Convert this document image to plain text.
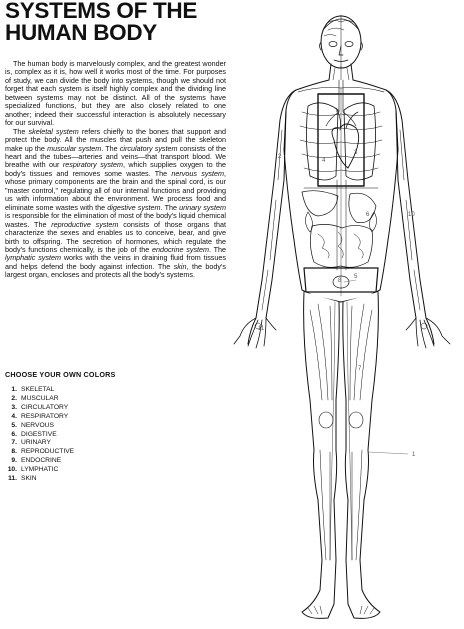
SYSTEMS OF THE
HUMAN BODY

The human body is marvelously complex, and the greatest wonder is, complex as it is, how well it works most of the time. For purposes of study, we can divide the body into systems, though we should not forget that each system is itself highly complex and the dividing line between systems may not be distinct. All of the systems have specialized functions, but they are also closely related to one another; indeed their successful interaction is absolutely necessary for our survival.

The skeletal system refers chiefly to the bones that support and protect the body. All the muscles that push and pull the skeleton make up the muscular system. The circulatory system consists of the heart and the tubes—arteries and veins—that transport blood. We breathe with our respiratory system, which supplies oxygen to the body's tissues and removes some wastes. The nervous system, whose primary components are the brain and the spinal cord, is our "master control," regulating all of our internal functions and providing us with information about the environment. We process food and eliminate some wastes with the digestive system. The urinary system is responsible for the elimination of most of the body's liquid chemical wastes. The reproductive system consists of those organs that characterize the sexes and enables us to conceive, bear, and give birth to offspring. The secretion of hormones, which regulate the body's functions chemically, is the job of the endocrine system. The lymphatic system works with the veins in draining fluid from tissues and helps defend the body against infection. The skin, the body's largest organ, encloses and protects all the body's systems.

CHOOSE YOUR OWN COLORS
1. SKELETAL
2. MUSCULAR
3. CIRCULATORY
4. RESPIRATORY
5. NERVOUS
6. DIGESTIVE
7. URINARY
8. REPRODUCTIVE
9. ENDOCRINE
10. LYMPHATIC
11. SKIN
9
4
3
6	10
2
8
7
11
5
1
